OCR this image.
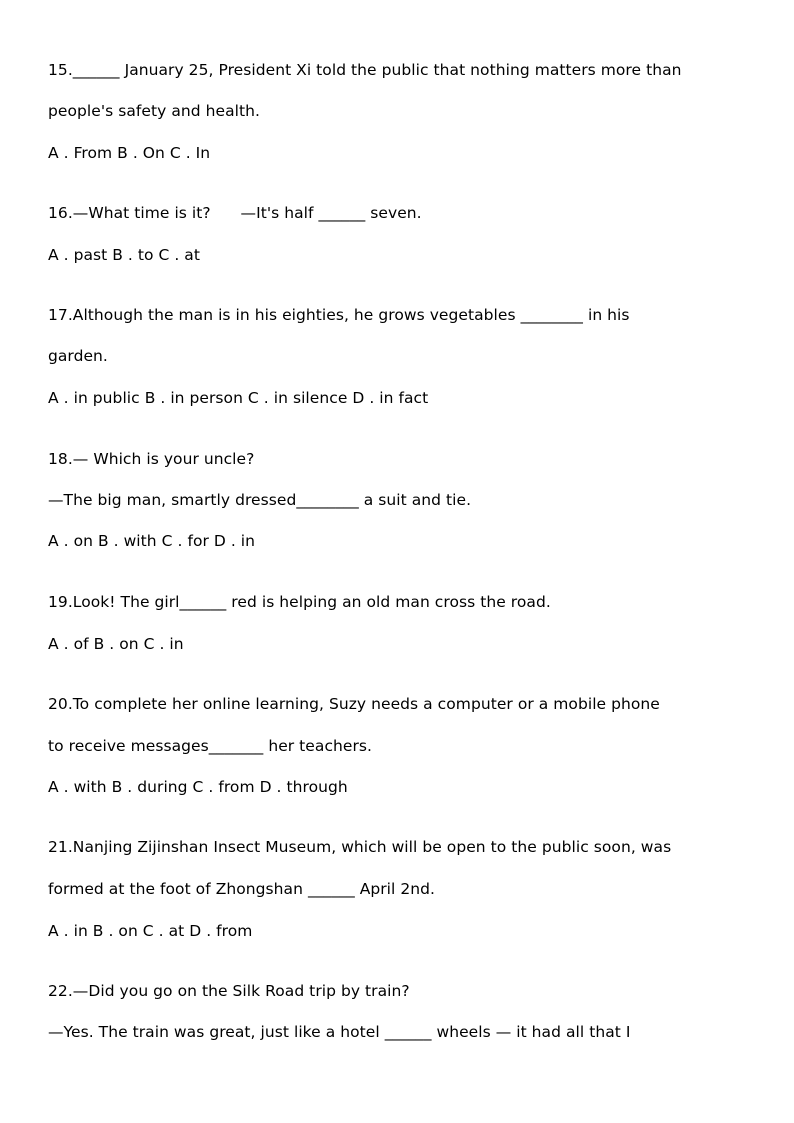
15.______ January 25, President Xi told the public that nothing matters more than
people's safety and health.
A . From B . On C . In
16.—What time is it?      —It's half ______ seven.
A . past B . to C . at
17.Although the man is in his eighties, he grows vegetables ________ in his
garden.
A . in public B . in person C . in silence D . in fact
18.— Which is your uncle?
—The big man, smartly dressed________ a suit and tie.
A . on B . with C . for D . in
19.Look! The girl______ red is helping an old man cross the road.
A . of B . on C . in
20.To complete her online learning, Suzy needs a computer or a mobile phone
to receive messages_______ her teachers.
A . with B . during C . from D . through
21.Nanjing Zijinshan Insect Museum, which will be open to the public soon, was
formed at the foot of Zhongshan ______ April 2nd.
A . in B . on C . at D . from
22.—Did you go on the Silk Road trip by train?
—Yes. The train was great, just like a hotel ______ wheels — it had all that I
